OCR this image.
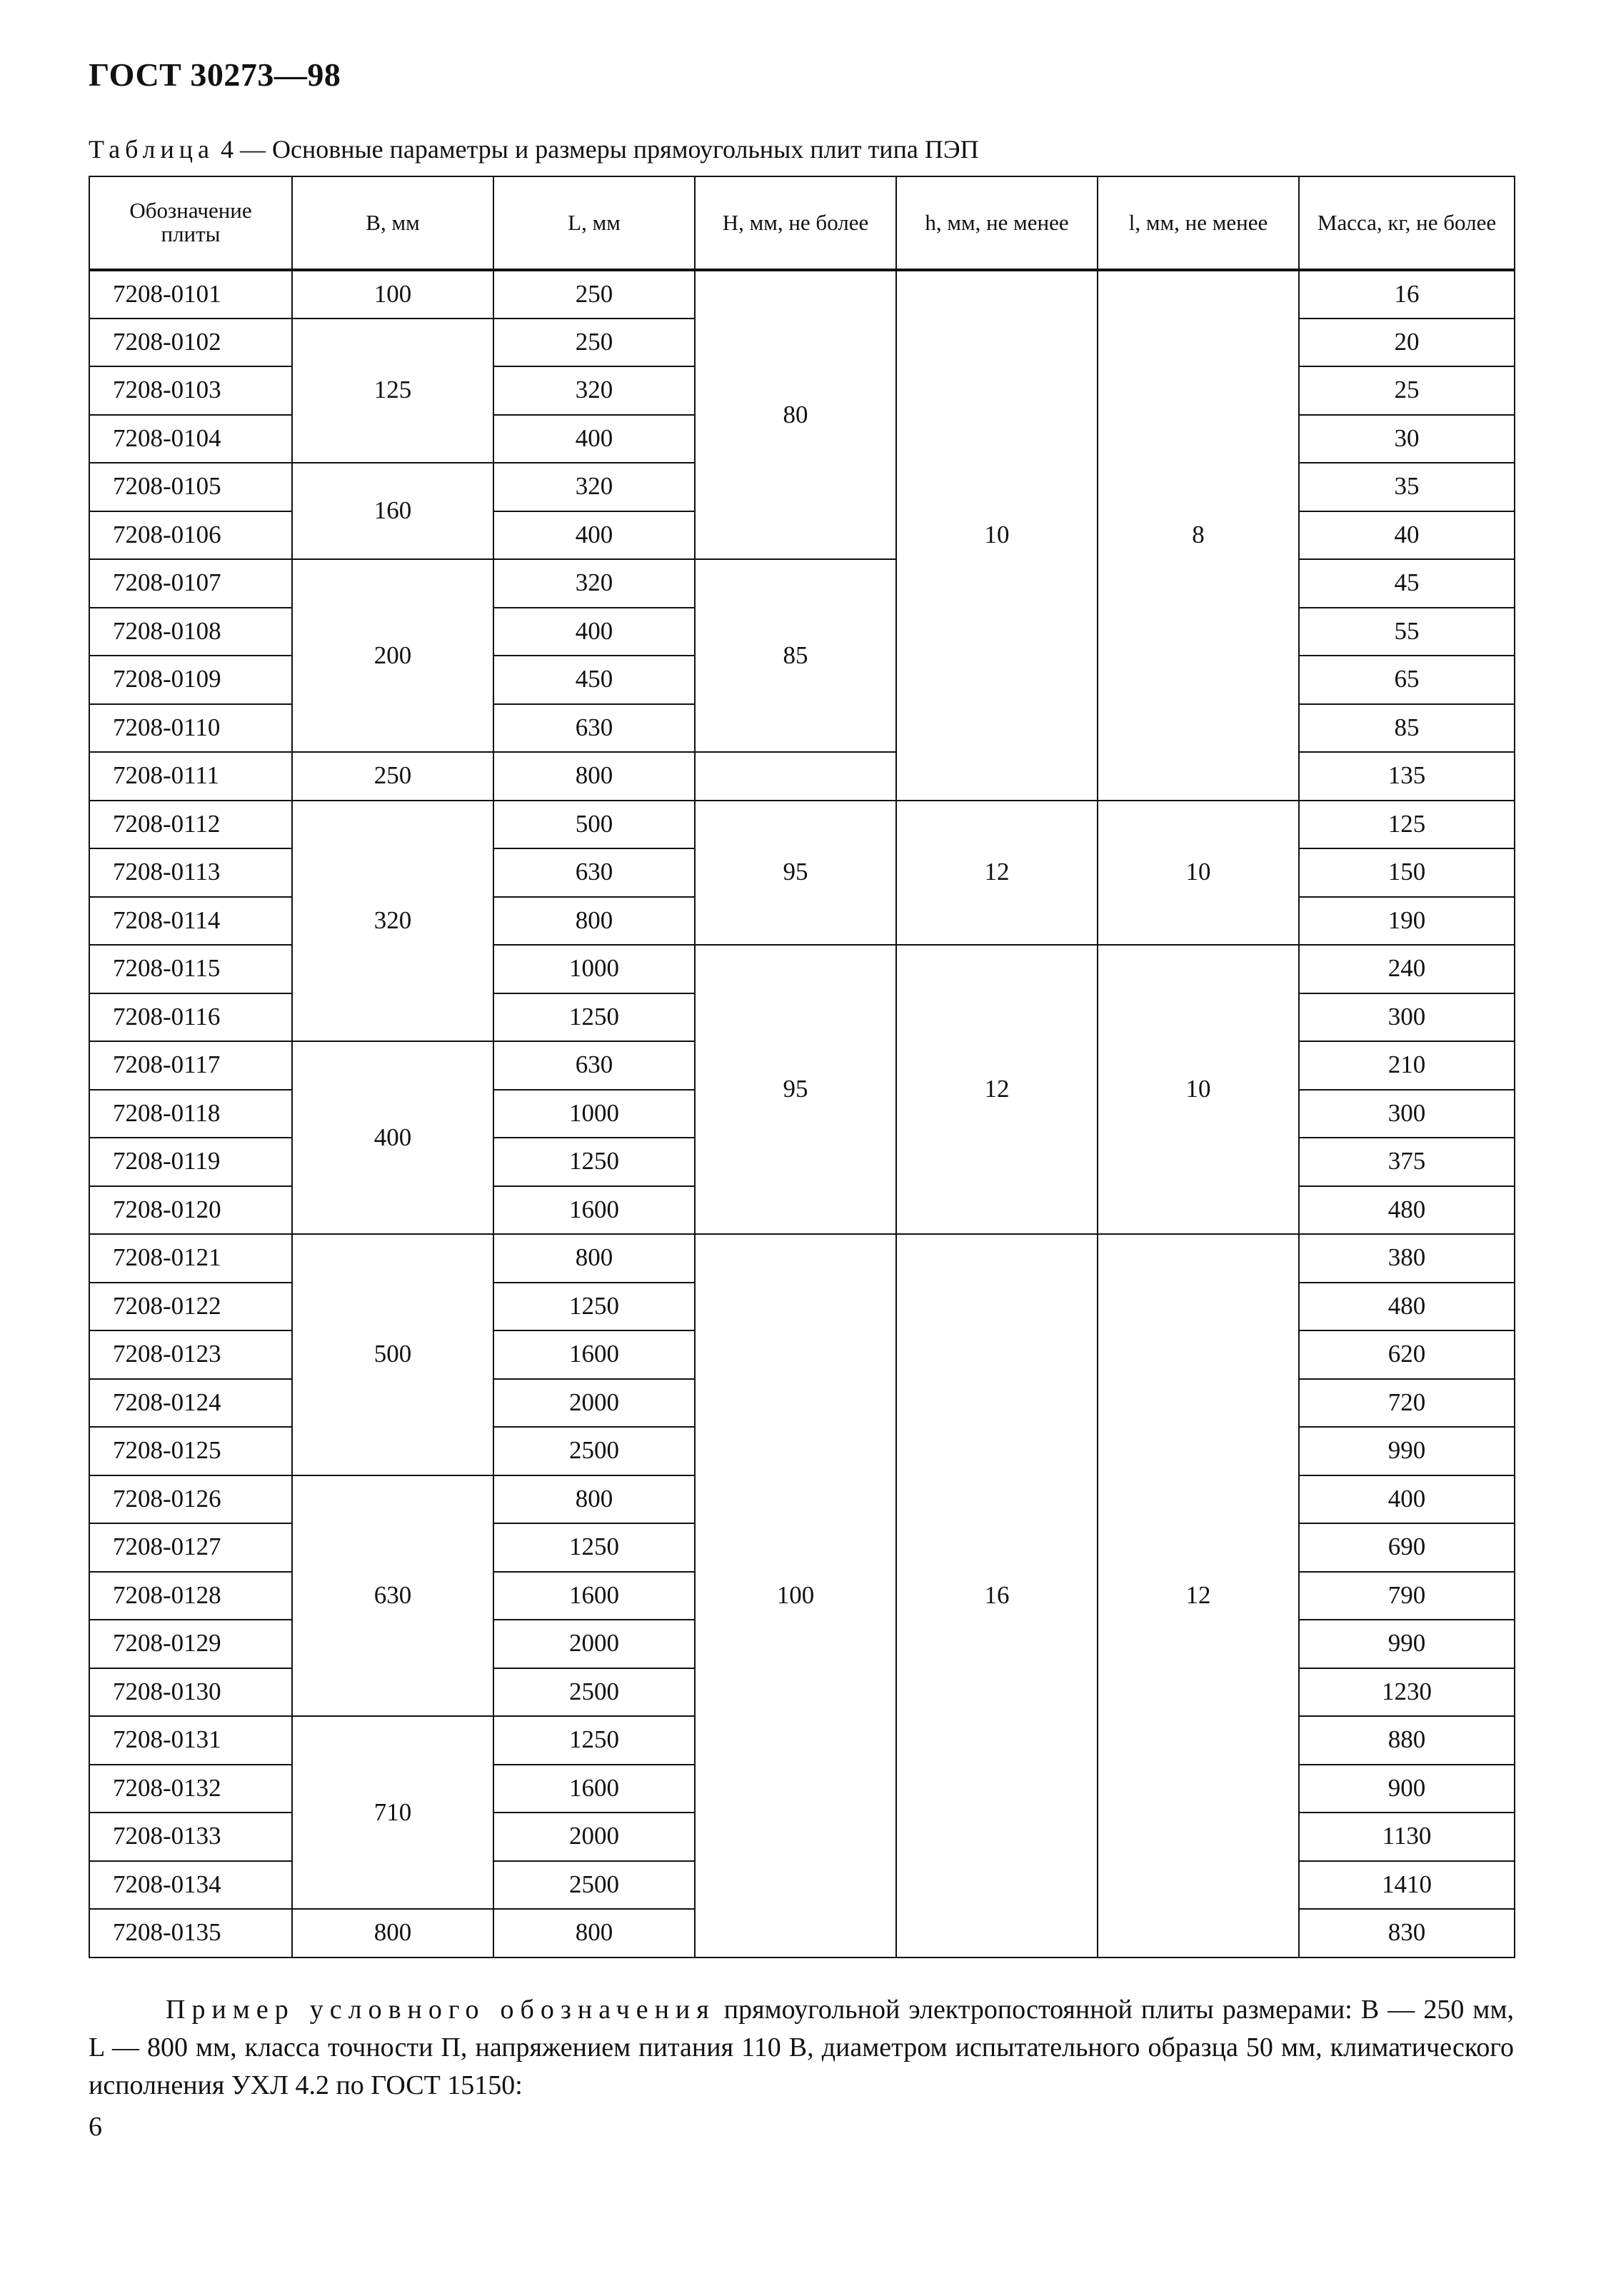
ГОСТ 30273—98
Таблица 4 — Основные параметры и размеры прямоугольных плит типа ПЭП
Обозначение плиты	B, мм	L, мм	H, мм, не более	h, мм, не менее	l, мм, не менее	Масса, кг, не более
7208-0101	100	250	80	10	8	16
7208-0102	125	250				20
7208-0103		320				25
7208-0104		400				30
7208-0105	160	320				35
7208-0106		400				40
7208-0107	200	320	85			45
7208-0108		400				55
7208-0109		450				65
7208-0110		630				85
7208-0111	250	800				135
7208-0112	320	500	95	12	10	125
7208-0113		630				150
7208-0114		800				190
7208-0115		1000	95	12	10	240
7208-0116		1250				300
7208-0117	400	630				210
7208-0118		1000				300
7208-0119		1250				375
7208-0120		1600				480
7208-0121	500	800	100	16	12	380
7208-0122		1250				480
7208-0123		1600				620
7208-0124		2000				720
7208-0125		2500				990
7208-0126	630	800				400
7208-0127		1250				690
7208-0128		1600				790
7208-0129		2000				990
7208-0130		2500				1230
7208-0131	710	1250				880
7208-0132		1600				900
7208-0133		2000				1130
7208-0134		2500				1410
7208-0135	800	800				830
Пример условного обозначения прямоугольной электропостоянной плиты размерами: B — 250 мм, L — 800 мм, класса точности П, напряжением питания 110 В, диаметром испытательного образца 50 мм, климатического исполнения УХЛ 4.2 по ГОСТ 15150:
6
